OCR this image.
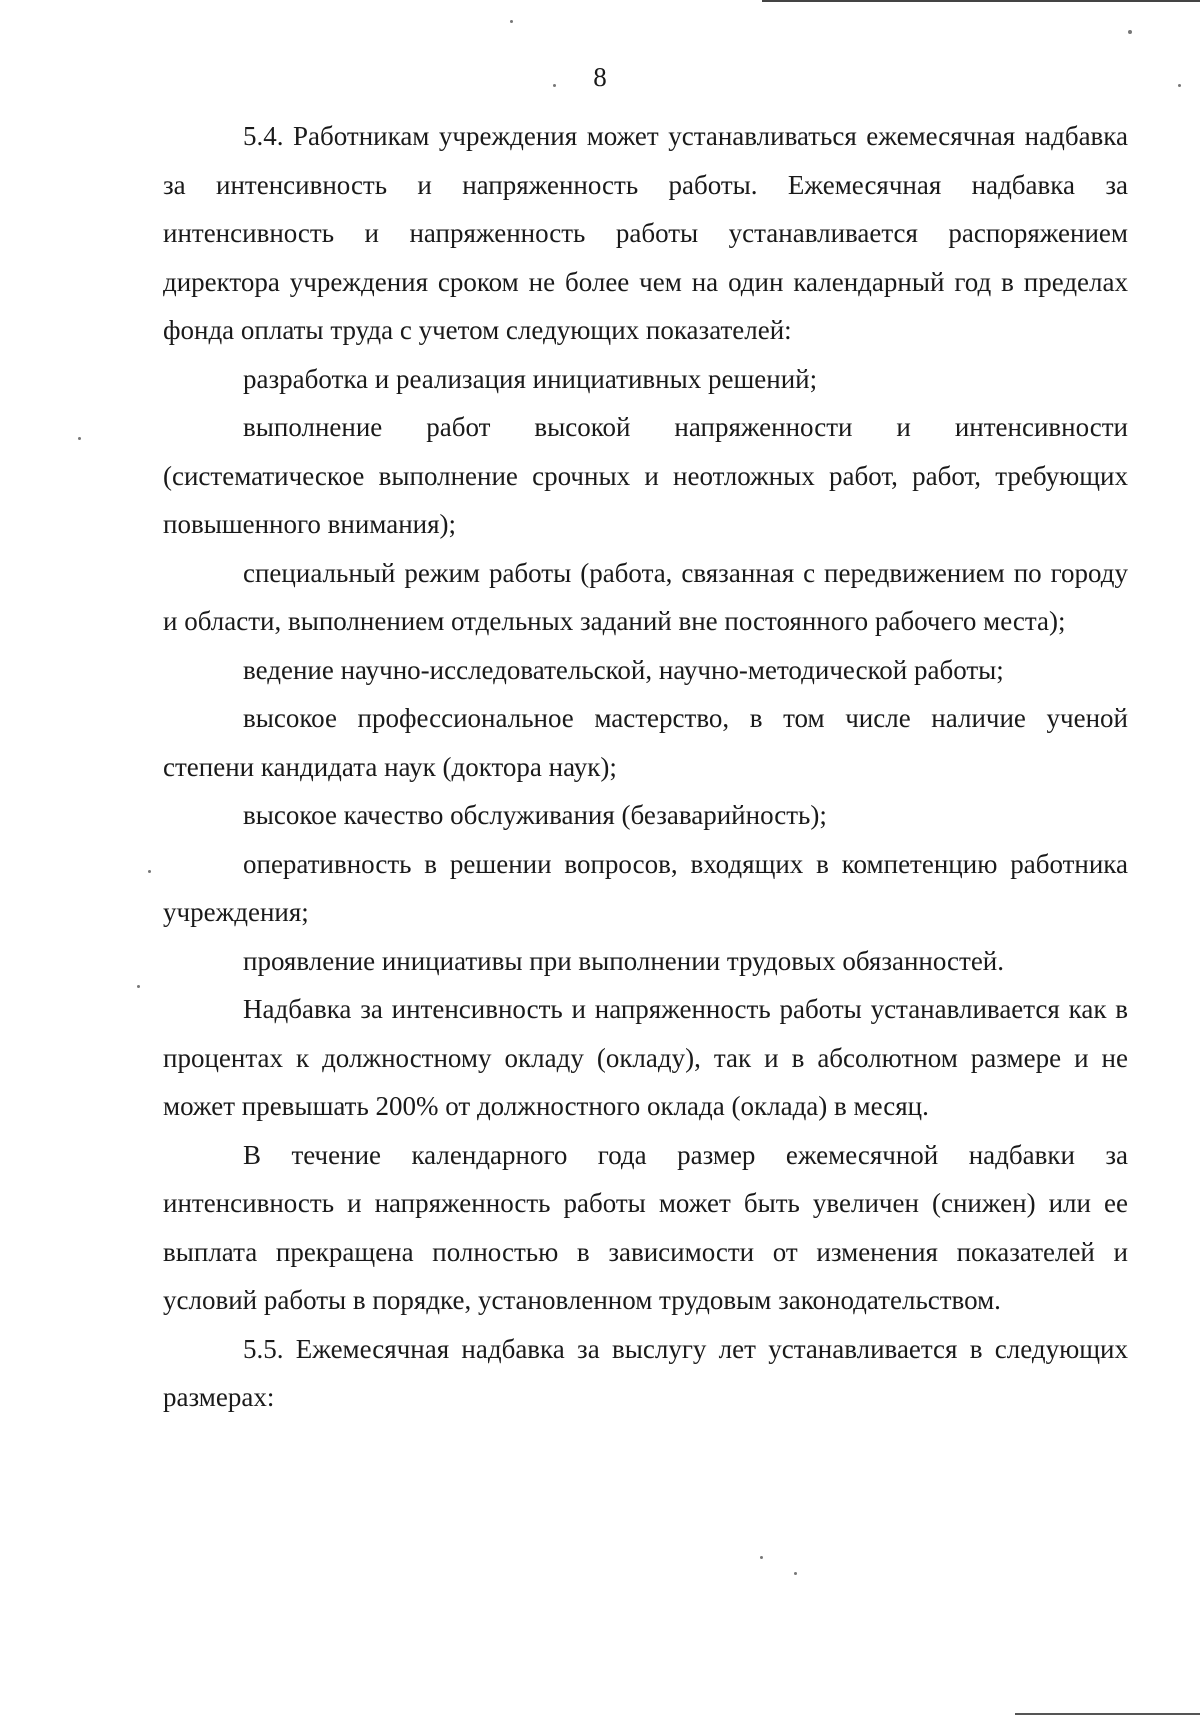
8

5.4. Работникам учреждения может устанавливаться ежемесячная надбавка за интенсивность и напряженность работы. Ежемесячная надбавка за интенсивность и напряженность работы устанавливается распоряжением директора учреждения сроком не более чем на один календарный год в пределах фонда оплаты труда с учетом следующих показателей:

разработка и реализация инициативных решений;

выполнение работ высокой напряженности и интенсивности (систематическое выполнение срочных и неотложных работ, работ, требующих повышенного внимания);

специальный режим работы (работа, связанная с передвижением по городу и области, выполнением отдельных заданий вне постоянного рабочего места);

ведение научно-исследовательской, научно-методической работы;

высокое профессиональное мастерство, в том числе наличие ученой степени кандидата наук (доктора наук);

высокое качество обслуживания (безаварийность);

оперативность в решении вопросов, входящих в компетенцию работника учреждения;

проявление инициативы при выполнении трудовых обязанностей.

Надбавка за интенсивность и напряженность работы устанавливается как в процентах к должностному окладу (окладу), так и в абсолютном размере и не может превышать 200% от должностного оклада (оклада) в месяц.

В течение календарного года размер ежемесячной надбавки за интенсивность и напряженность работы может быть увеличен (снижен) или ее выплата прекращена полностью в зависимости от изменения показателей и условий работы в порядке, установленном трудовым законодательством.

5.5. Ежемесячная надбавка за выслугу лет устанавливается в следующих размерах:
